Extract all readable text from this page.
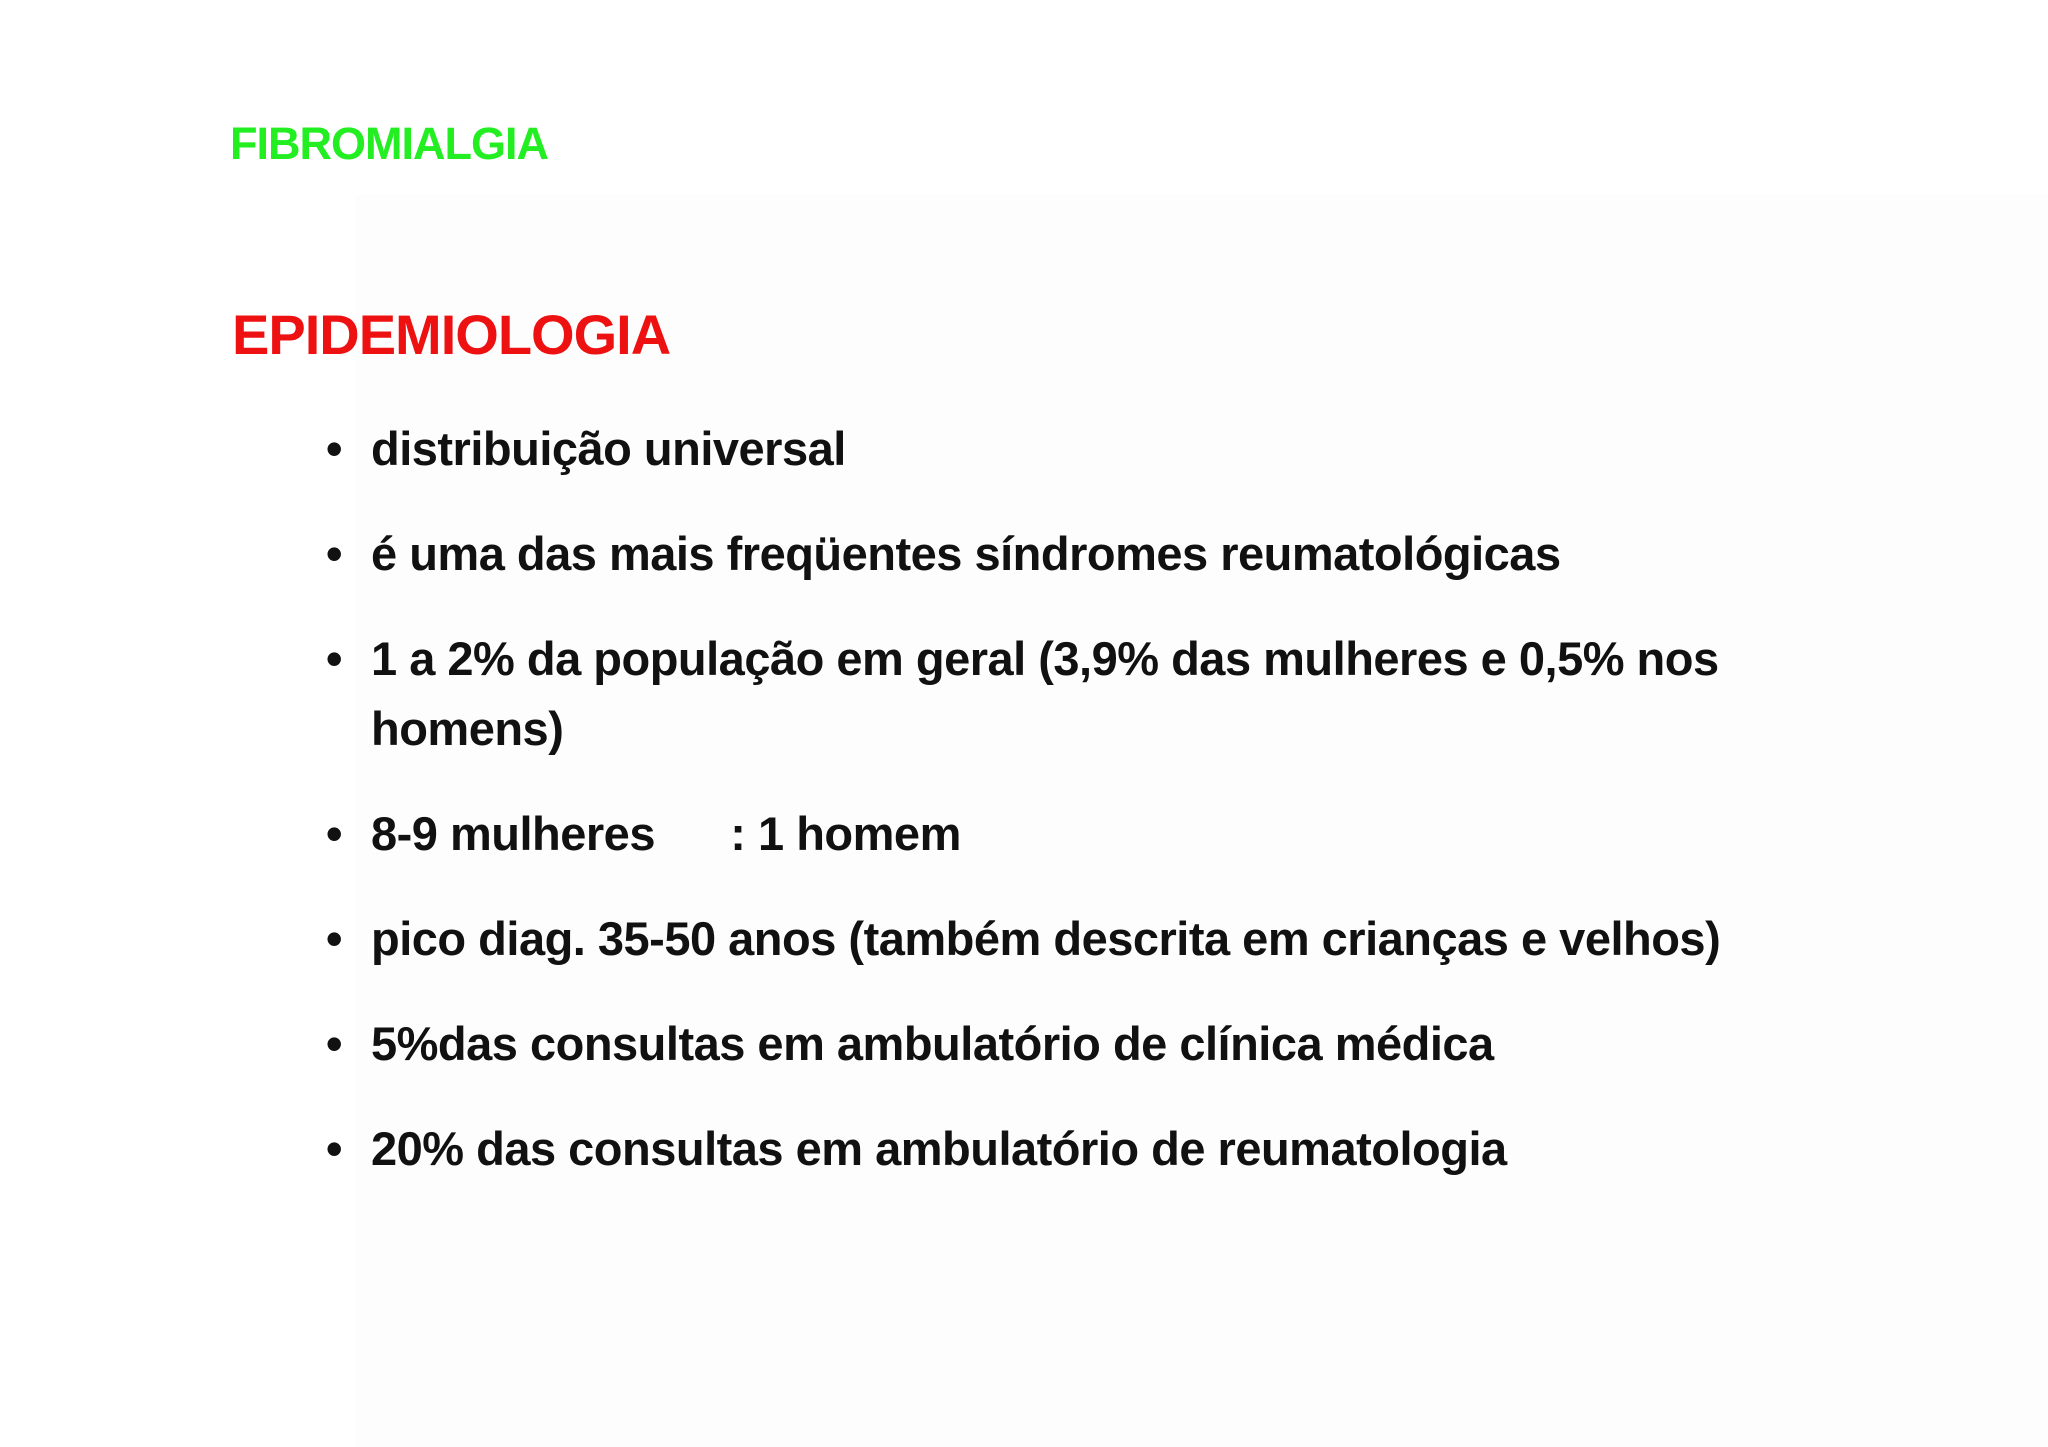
FIBROMIALGIA
EPIDEMIOLOGIA
• distribuição universal
• é uma das mais freqüentes síndromes reumatológicas
• 1 a 2% da população em geral (3,9% das mulheres e 0,5% nos homens)
• 8-9 mulheres      : 1 homem
• pico diag. 35-50 anos (também descrita em crianças e velhos)
• 5%das consultas em ambulatório de clínica médica
• 20% das consultas em ambulatório de reumatologia
